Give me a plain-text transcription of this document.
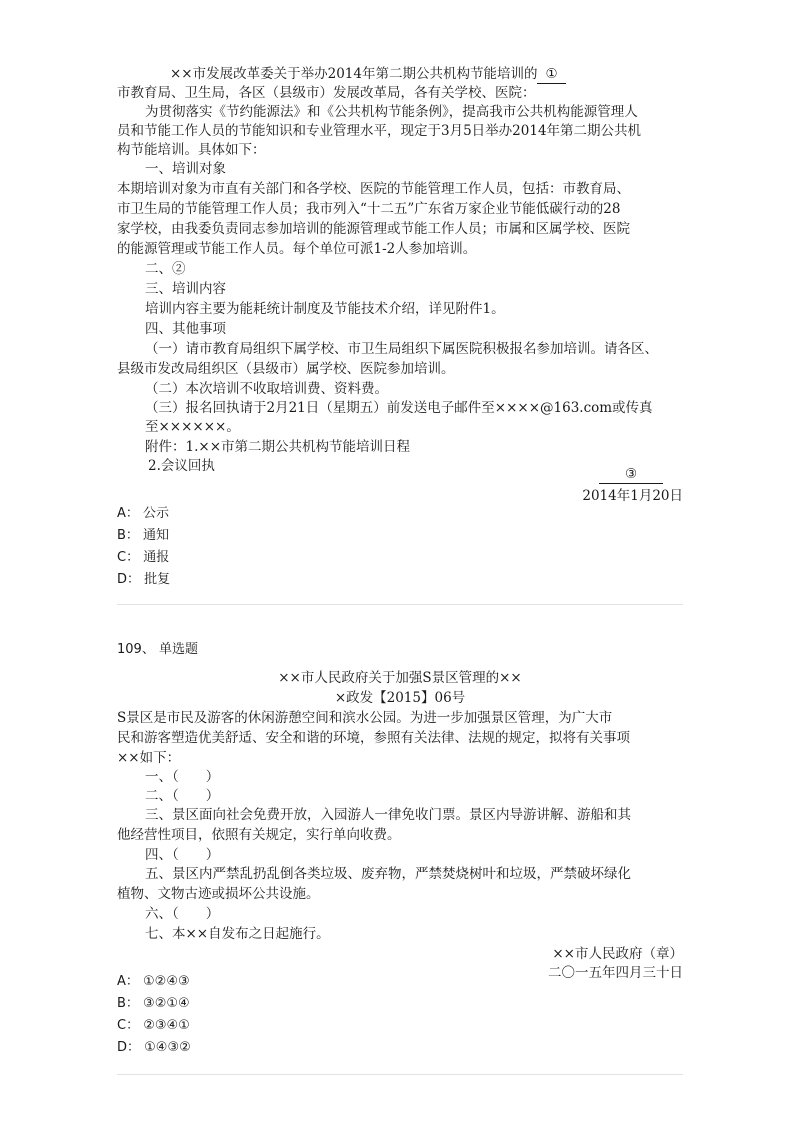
××市发展改革委关于举办2014年第二期公共机构节能培训的 ①
市教育局、卫生局，各区（县级市）发展改革局，各有关学校、医院：
为贯彻落实《节约能源法》和《公共机构节能条例》，提高我市公共机构能源管理人
员和节能工作人员的节能知识和专业管理水平，现定于3月5日举办2014年第二期公共机
构节能培训。具体如下：
一、培训对象
本期培训对象为市直有关部门和各学校、医院的节能管理工作人员，包括：市教育局、
市卫生局的节能管理工作人员；我市列入“十二五”广东省万家企业节能低碳行动的28
家学校，由我委负责同志参加培训的能源管理或节能工作人员；市属和区属学校、医院
的能源管理或节能工作人员。每个单位可派1-2人参加培训。
二、②
三、培训内容
培训内容主要为能耗统计制度及节能技术介绍，详见附件1。
四、其他事项
（一）请市教育局组织下属学校、市卫生局组织下属医院积极报名参加培训。请各区、
县级市发改局组织区（县级市）属学校、医院参加培训。
（二）本次培训不收取培训费、资料费。
（三）报名回执请于2月21日（星期五）前发送电子邮件至××××@163.com或传真
至××××××。
附件：1.××市第二期公共机构节能培训日程
2.会议回执	③
2014年1月20日
A： 公示
B： 通知
C： 通报
D： 批复
109、 单选题
××市人民政府关于加强S景区管理的××
×政发【2015】06号
S景区是市民及游客的休闲游憩空间和滨水公园。为进一步加强景区管理，为广大市
民和游客塑造优美舒适、安全和谐的环境，参照有关法律、法规的规定，拟将有关事项
××如下：
一、（　　）
二、（　　）
三、景区面向社会免费开放，入园游人一律免收门票。景区内导游讲解、游船和其
他经营性项目，依照有关规定，实行单向收费。
四、（　　）
五、景区内严禁乱扔乱倒各类垃圾、废弃物，严禁焚烧树叶和垃圾，严禁破坏绿化
植物、文物古迹或损坏公共设施。
六、（　　）
七、本××自发布之日起施行。
××市人民政府（章）
二〇一五年四月三十日
A： ①②④③
B： ③②①④
C： ②③④①
D： ①④③②
